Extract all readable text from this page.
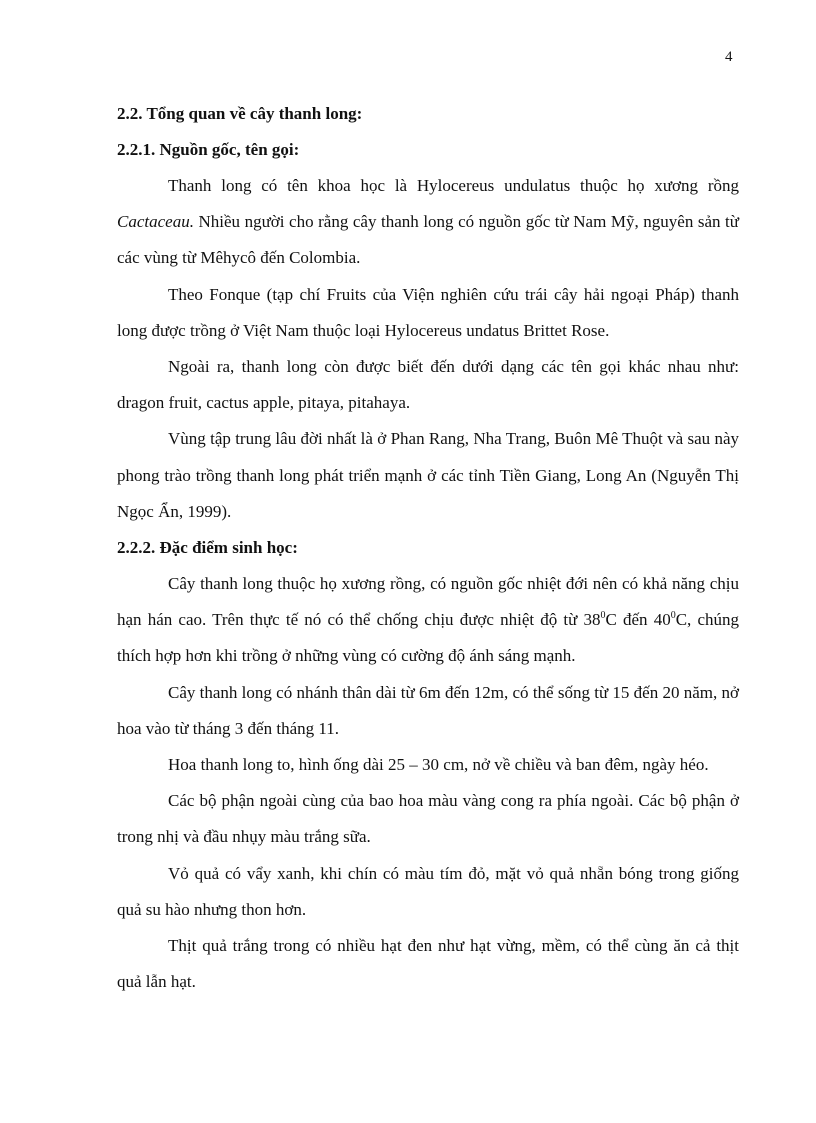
4
2.2. Tổng quan về cây thanh long:
2.2.1. Nguồn gốc, tên gọi:

Thanh long có tên khoa học là Hylocereus undulatus thuộc họ xương rồng Cactaceau. Nhiều người cho rằng cây thanh long có nguồn gốc từ Nam Mỹ, nguyên sản từ các vùng từ Mêhycô đến Colombia.

Theo Fonque (tạp chí Fruits của Viện nghiên cứu trái cây hải ngoại Pháp) thanh long được trồng ở Việt Nam thuộc loại Hylocereus undatus Brittet Rose.

Ngoài ra, thanh long còn được biết đến dưới dạng các tên gọi khác nhau như: dragon fruit, cactus apple, pitaya, pitahaya.

Vùng tập trung lâu đời nhất là ở Phan Rang, Nha Trang, Buôn Mê Thuột và sau này phong trào trồng thanh long phát triển mạnh ở các tỉnh Tiền Giang, Long An (Nguyễn Thị Ngọc Ẩn, 1999).

2.2.2. Đặc điểm sinh học:

Cây thanh long thuộc họ xương rồng, có nguồn gốc nhiệt đới nên có khả năng chịu hạn hán cao. Trên thực tế nó có thể chống chịu được nhiệt độ từ $38^0C$ đến $40^0C$, chúng thích hợp hơn khi trồng ở những vùng có cường độ ánh sáng mạnh.

Cây thanh long có nhánh thân dài từ 6m đến 12m, có thể sống từ 15 đến 20 năm, nở hoa vào từ tháng 3 đến tháng 11.

Hoa thanh long to, hình ống dài 25 – 30 cm, nở về chiều và ban đêm, ngày héo.

Các bộ phận ngoài cùng của bao hoa màu vàng cong ra phía ngoài. Các bộ phận ở trong nhị và đầu nhụy màu trắng sữa.

Vỏ quả có vẩy xanh, khi chín có màu tím đỏ, mặt vỏ quả nhẵn bóng trong giống quả su hào nhưng thon hơn.

Thịt quả trắng trong có nhiều hạt đen như hạt vừng, mềm, có thể cùng ăn cả thịt quả lẫn hạt.
